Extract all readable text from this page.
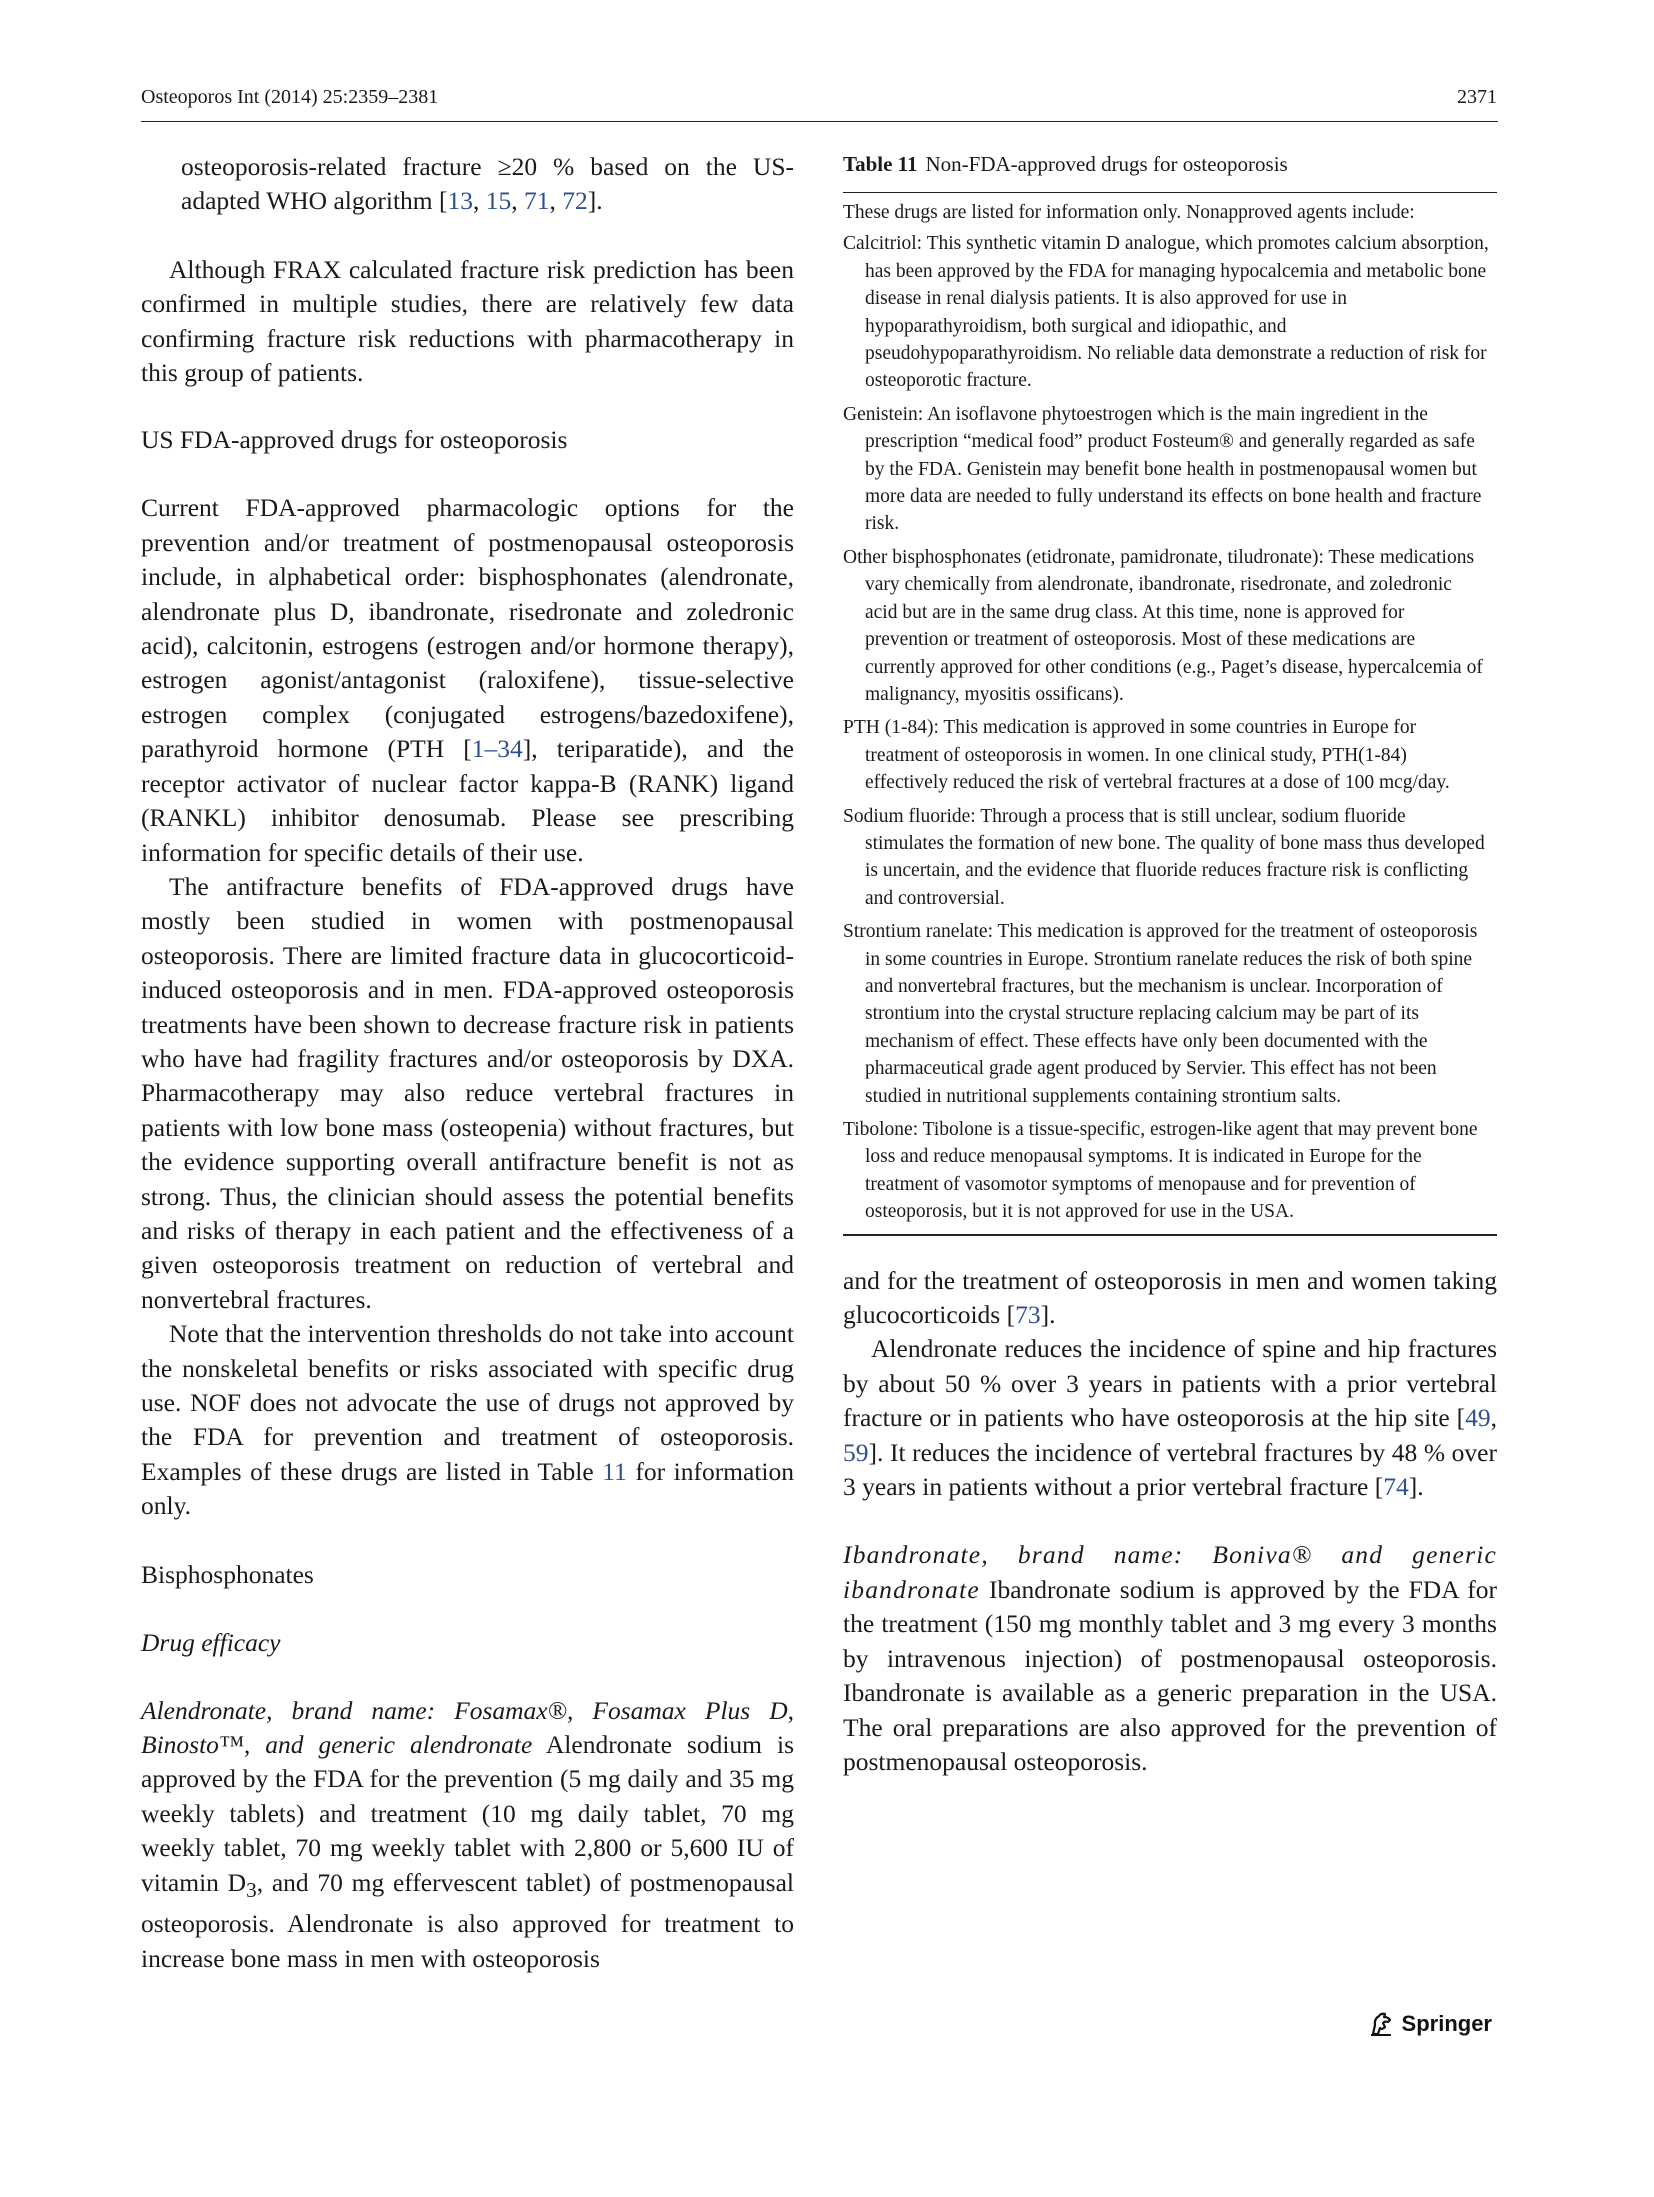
Osteoporos Int (2014) 25:2359–2381	2371

osteoporosis-related fracture ≥20 % based on the US-adapted WHO algorithm [13, 15, 71, 72].

Although FRAX calculated fracture risk prediction has been confirmed in multiple studies, there are relatively few data confirming fracture risk reductions with pharmacotherapy in this group of patients.

US FDA-approved drugs for osteoporosis

Current FDA-approved pharmacologic options for the prevention and/or treatment of postmenopausal osteoporosis include, in alphabetical order: bisphosphonates (alendronate, alendronate plus D, ibandronate, risedronate and zoledronic acid), calcitonin, estrogens (estrogen and/or hormone therapy), estrogen agonist/antagonist (raloxifene), tissue-selective estrogen complex (conjugated estrogens/bazedoxifene), parathyroid hormone (PTH [1–34], teriparatide), and the receptor activator of nuclear factor kappa-B (RANK) ligand (RANKL) inhibitor denosumab. Please see prescribing information for specific details of their use.

The antifracture benefits of FDA-approved drugs have mostly been studied in women with postmenopausal osteoporosis. There are limited fracture data in glucocorticoid-induced osteoporosis and in men. FDA-approved osteoporosis treatments have been shown to decrease fracture risk in patients who have had fragility fractures and/or osteoporosis by DXA. Pharmacotherapy may also reduce vertebral fractures in patients with low bone mass (osteopenia) without fractures, but the evidence supporting overall antifracture benefit is not as strong. Thus, the clinician should assess the potential benefits and risks of therapy in each patient and the effectiveness of a given osteoporosis treatment on reduction of vertebral and nonvertebral fractures.

Note that the intervention thresholds do not take into account the nonskeletal benefits or risks associated with specific drug use. NOF does not advocate the use of drugs not approved by the FDA for prevention and treatment of osteoporosis. Examples of these drugs are listed in Table 11 for information only.

Bisphosphonates

Drug efficacy

Alendronate, brand name: Fosamax®, Fosamax Plus D, Binosto™, and generic alendronate Alendronate sodium is approved by the FDA for the prevention (5 mg daily and 35 mg weekly tablets) and treatment (10 mg daily tablet, 70 mg weekly tablet, 70 mg weekly tablet with 2,800 or 5,600 IU of vitamin $D_3$, and 70 mg effervescent tablet) of postmenopausal osteoporosis. Alendronate is also approved for treatment to increase bone mass in men with osteoporosis

Table 11 Non-FDA-approved drugs for osteoporosis

These drugs are listed for information only. Nonapproved agents include:

Calcitriol: This synthetic vitamin D analogue, which promotes calcium absorption, has been approved by the FDA for managing hypocalcemia and metabolic bone disease in renal dialysis patients. It is also approved for use in hypoparathyroidism, both surgical and idiopathic, and pseudohypoparathyroidism. No reliable data demonstrate a reduction of risk for osteoporotic fracture.

Genistein: An isoflavone phytoestrogen which is the main ingredient in the prescription “medical food” product Fosteum® and generally regarded as safe by the FDA. Genistein may benefit bone health in postmenopausal women but more data are needed to fully understand its effects on bone health and fracture risk.

Other bisphosphonates (etidronate, pamidronate, tiludronate): These medications vary chemically from alendronate, ibandronate, risedronate, and zoledronic acid but are in the same drug class. At this time, none is approved for prevention or treatment of osteoporosis. Most of these medications are currently approved for other conditions (e.g., Paget’s disease, hypercalcemia of malignancy, myositis ossificans).

PTH (1-84): This medication is approved in some countries in Europe for treatment of osteoporosis in women. In one clinical study, PTH(1-84) effectively reduced the risk of vertebral fractures at a dose of 100 mcg/day.

Sodium fluoride: Through a process that is still unclear, sodium fluoride stimulates the formation of new bone. The quality of bone mass thus developed is uncertain, and the evidence that fluoride reduces fracture risk is conflicting and controversial.

Strontium ranelate: This medication is approved for the treatment of osteoporosis in some countries in Europe. Strontium ranelate reduces the risk of both spine and nonvertebral fractures, but the mechanism is unclear. Incorporation of strontium into the crystal structure replacing calcium may be part of its mechanism of effect. These effects have only been documented with the pharmaceutical grade agent produced by Servier. This effect has not been studied in nutritional supplements containing strontium salts.

Tibolone: Tibolone is a tissue-specific, estrogen-like agent that may prevent bone loss and reduce menopausal symptoms. It is indicated in Europe for the treatment of vasomotor symptoms of menopause and for prevention of osteoporosis, but it is not approved for use in the USA.

and for the treatment of osteoporosis in men and women taking glucocorticoids [73].

Alendronate reduces the incidence of spine and hip fractures by about 50 % over 3 years in patients with a prior vertebral fracture or in patients who have osteoporosis at the hip site [49, 59]. It reduces the incidence of vertebral fractures by 48 % over 3 years in patients without a prior vertebral fracture [74].

Ibandronate, brand name: Boniva® and generic ibandronate Ibandronate sodium is approved by the FDA for the treatment (150 mg monthly tablet and 3 mg every 3 months by intravenous injection) of postmenopausal osteoporosis. Ibandronate is available as a generic preparation in the USA. The oral preparations are also approved for the prevention of postmenopausal osteoporosis.

Springer
